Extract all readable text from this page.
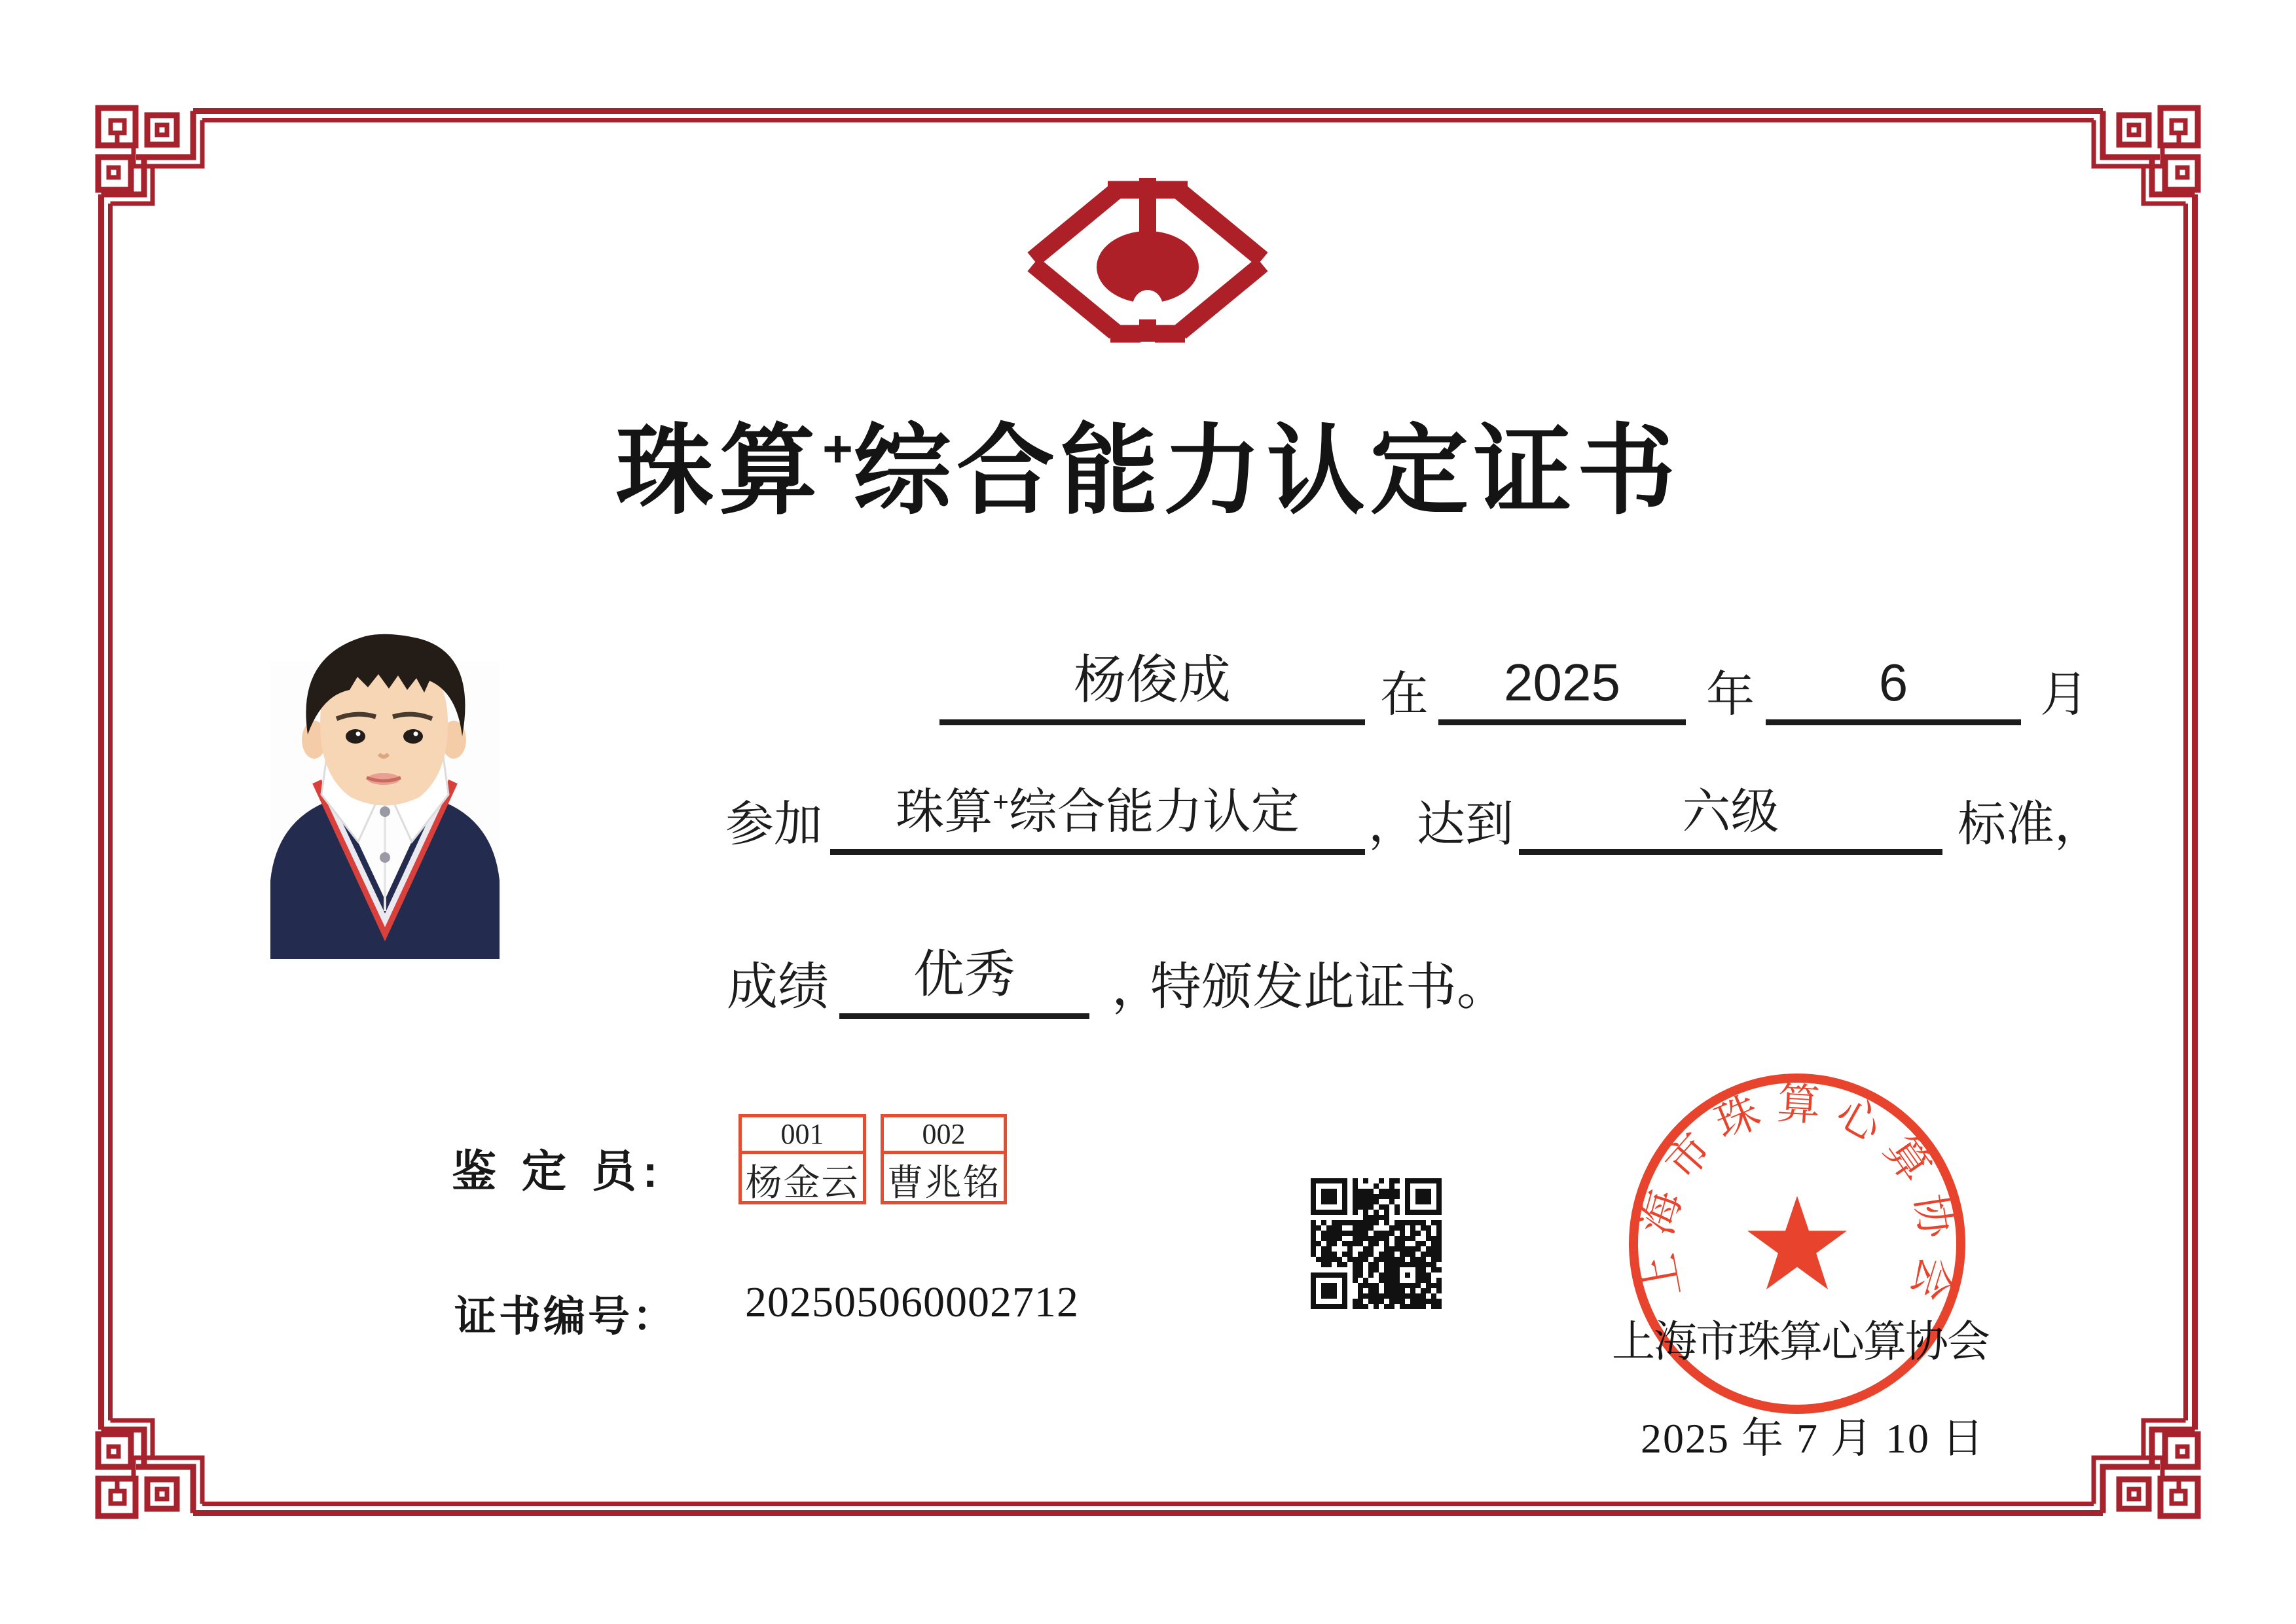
珠算+综合能力认定证书
杨俊成	在 2025 年 6	月
参加 珠算+综合能力认定 ， 达到	六级	标准，
成绩 优秀 ，
特颁发此证书。
鉴 定 员:
001
杨金云
002
曹兆铭
证书编号： 202505060002712
上海市珠算心算协会
2025 年 7 月 10 日
上海市珠算心算协会
